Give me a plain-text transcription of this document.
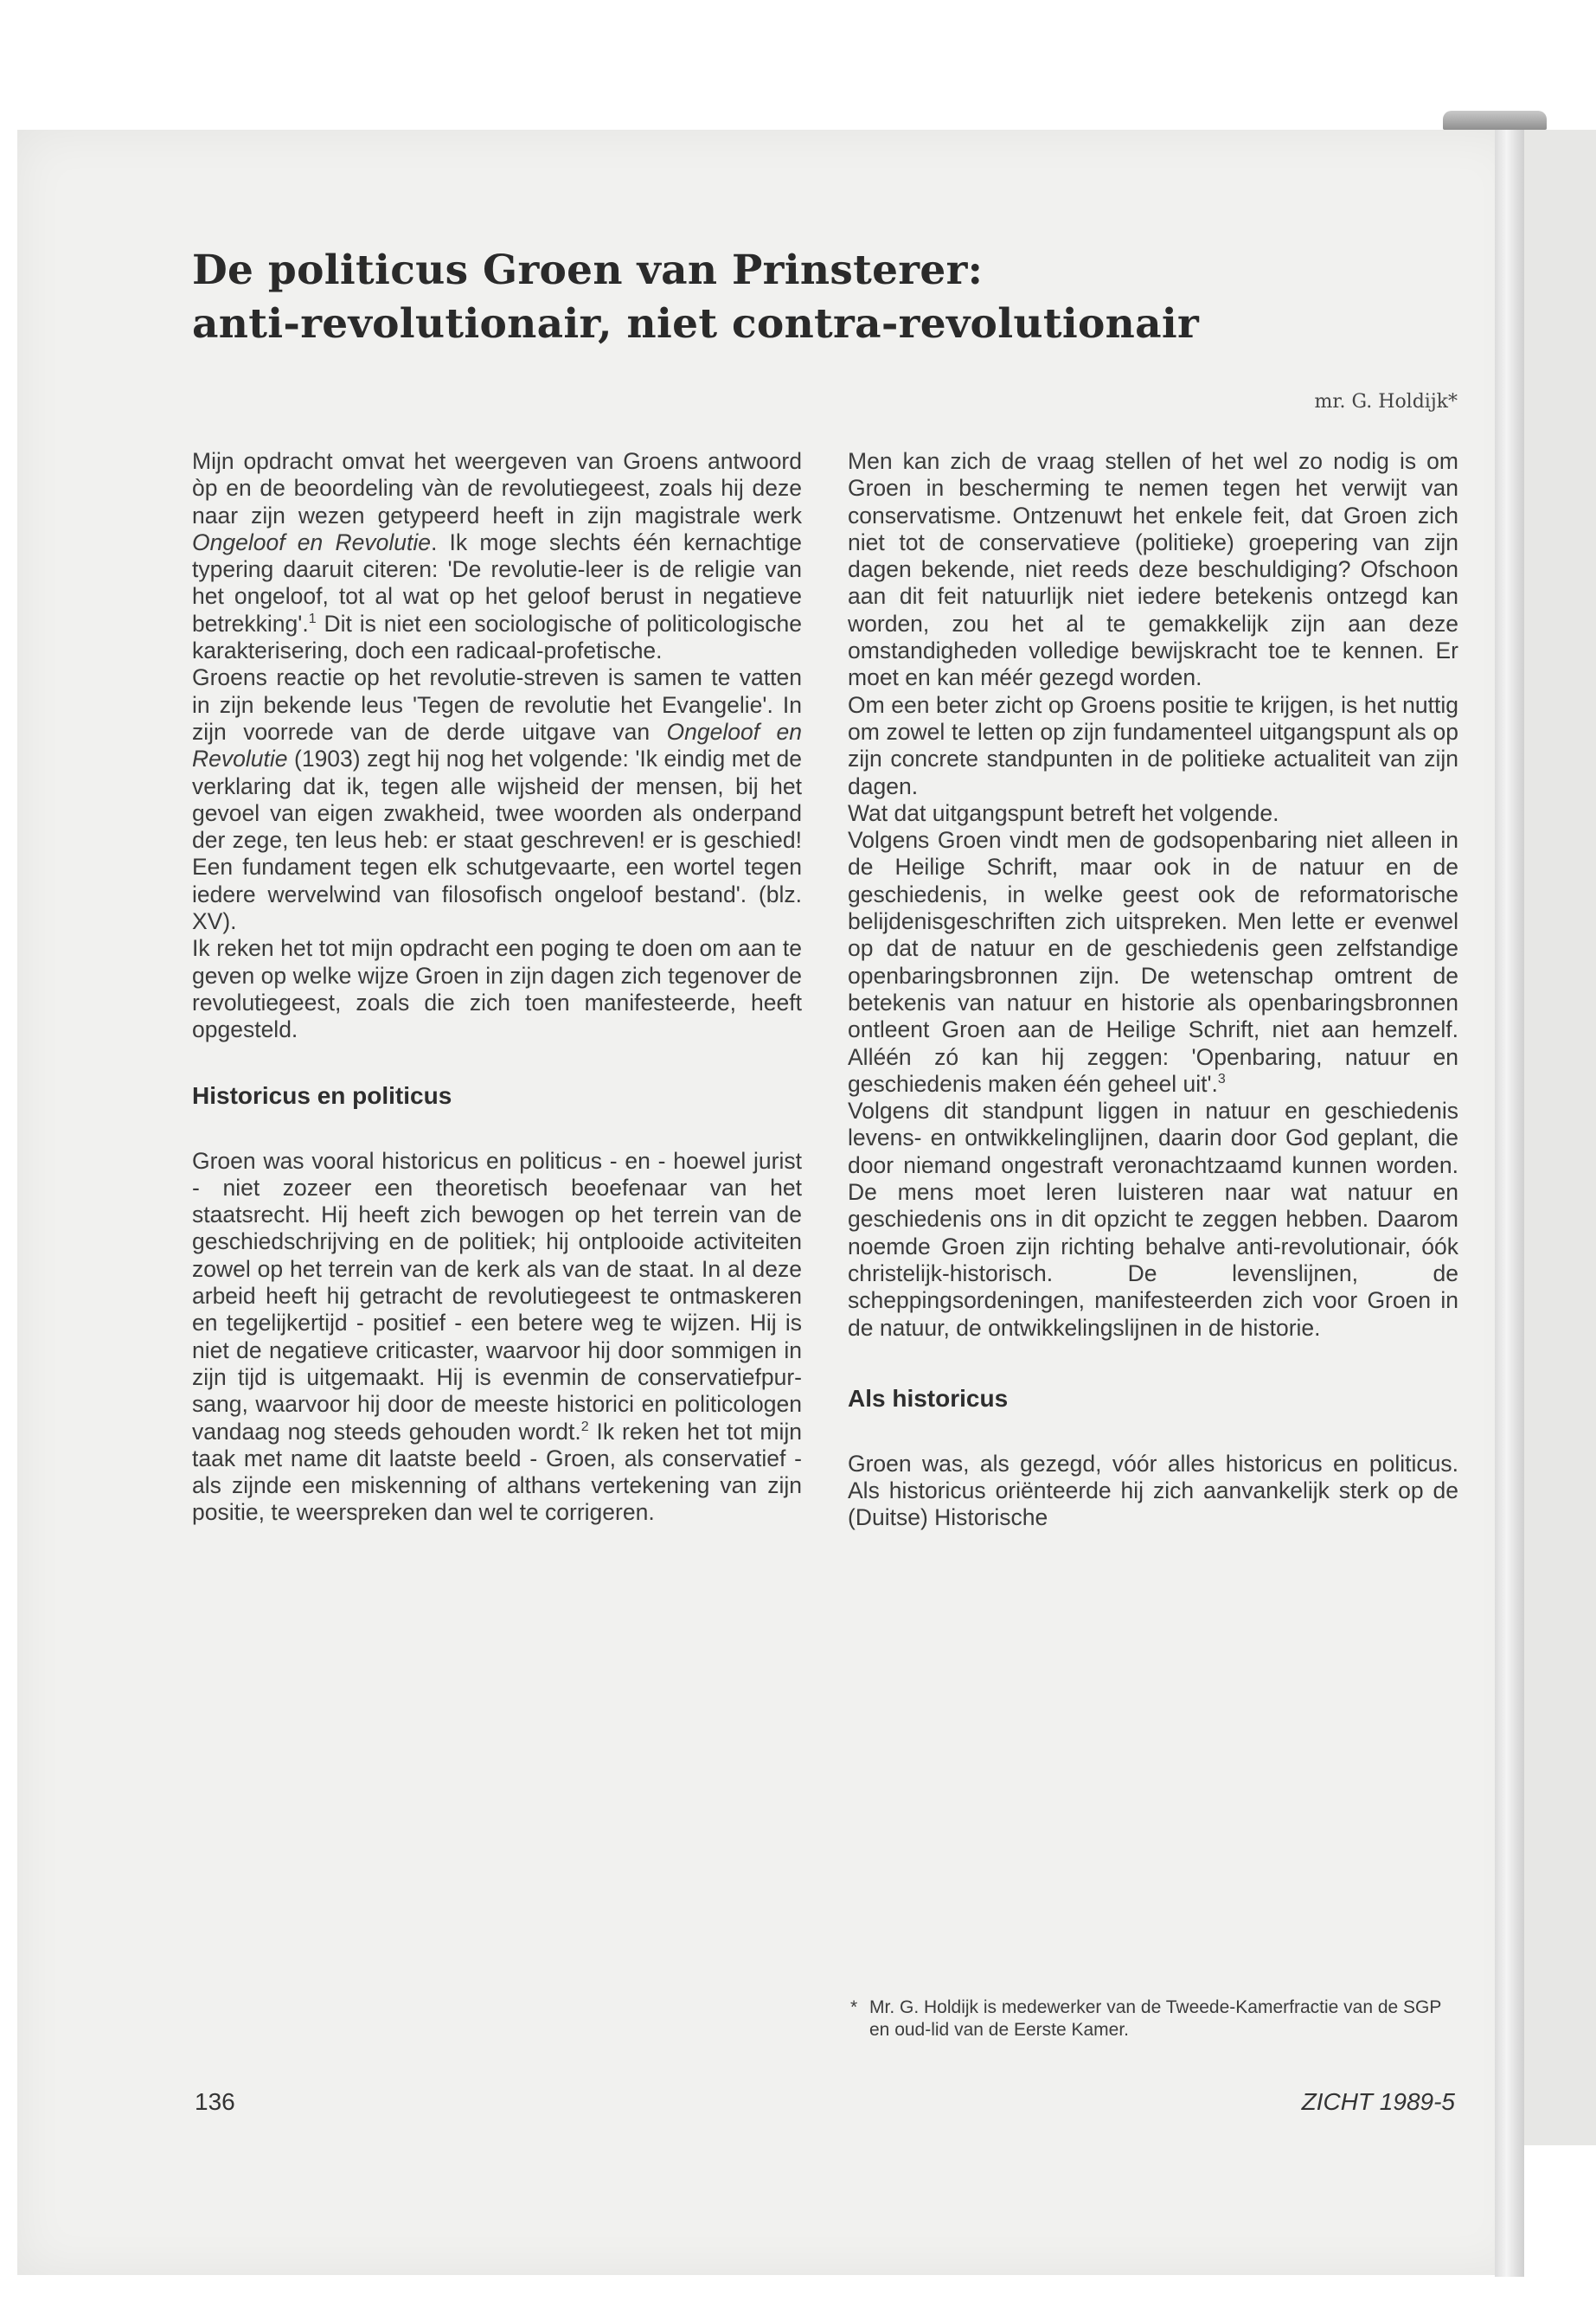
De politicus Groen van Prinsterer:
anti-revolutionair, niet contra-revolutionair
mr. G. Holdijk*

Mijn opdracht omvat het weergeven van Groens antwoord òp en de beoordeling vàn de revolutiegeest, zoals hij deze naar zijn wezen getypeerd heeft in zijn magistrale werk Ongeloof en Revolutie. Ik moge slechts één kernachtige typering daaruit citeren: 'De revolutie-leer is de religie van het ongeloof, tot al wat op het geloof berust in negatieve betrekking'.$^1$ Dit is niet een sociologische of politicologische karakterisering, doch een radicaal-profetische.

Groens reactie op het revolutie-streven is samen te vatten in zijn bekende leus 'Tegen de revolutie het Evangelie'. In zijn voorrede van de derde uitgave van Ongeloof en Revolutie (1903) zegt hij nog het volgende: 'Ik eindig met de verklaring dat ik, tegen alle wijsheid der mensen, bij het gevoel van eigen zwakheid, twee woorden als onderpand der zege, ten leus heb: er staat geschreven! er is geschied! Een fundament tegen elk schutgevaarte, een wortel tegen iedere wervelwind van filosofisch ongeloof bestand'. (blz. XV).

Ik reken het tot mijn opdracht een poging te doen om aan te geven op welke wijze Groen in zijn dagen zich tegenover de revolutiegeest, zoals die zich toen manifesteerde, heeft opgesteld.

Historicus en politicus

Groen was vooral historicus en politicus - en - hoewel jurist - niet zozeer een theoretisch beoefenaar van het staatsrecht. Hij heeft zich bewogen op het terrein van de geschiedschrijving en de politiek; hij ontplooide activiteiten zowel op het terrein van de kerk als van de staat. In al deze arbeid heeft hij getracht de revolutiegeest te ontmaskeren en tegelijkertijd - positief - een betere weg te wijzen. Hij is niet de negatieve criticaster, waarvoor hij door sommigen in zijn tijd is uitgemaakt. Hij is evenmin de conservatiefpur-sang, waarvoor hij door de meeste historici en politicologen vandaag nog steeds gehouden wordt.$^2$ Ik reken het tot mijn taak met name dit laatste beeld - Groen, als conservatief - als zijnde een miskenning of althans vertekening van zijn positie, te weerspreken dan wel te corrigeren.

Men kan zich de vraag stellen of het wel zo nodig is om Groen in bescherming te nemen tegen het verwijt van conservatisme. Ontzenuwt het enkele feit, dat Groen zich niet tot de conservatieve (politieke) groepering van zijn dagen bekende, niet reeds deze beschuldiging? Ofschoon aan dit feit natuurlijk niet iedere betekenis ontzegd kan worden, zou het al te gemakkelijk zijn aan deze omstandigheden volledige bewijskracht toe te kennen. Er moet en kan méér gezegd worden.

Om een beter zicht op Groens positie te krijgen, is het nuttig om zowel te letten op zijn fundamenteel uitgangspunt als op zijn concrete standpunten in de politieke actualiteit van zijn dagen.

Wat dat uitgangspunt betreft het volgende.

Volgens Groen vindt men de godsopenbaring niet alleen in de Heilige Schrift, maar ook in de natuur en de geschiedenis, in welke geest ook de reformatorische belijdenisgeschriften zich uitspreken. Men lette er evenwel op dat de natuur en de geschiedenis geen zelfstandige openbaringsbronnen zijn. De wetenschap omtrent de betekenis van natuur en historie als openbaringsbronnen ontleent Groen aan de Heilige Schrift, niet aan hemzelf. Alléén zó kan hij zeggen: 'Openbaring, natuur en geschiedenis maken één geheel uit'.$^3$

Volgens dit standpunt liggen in natuur en geschiedenis levens- en ontwikkelinglijnen, daarin door God geplant, die door niemand ongestraft veronachtzaamd kunnen worden. De mens moet leren luisteren naar wat natuur en geschiedenis ons in dit opzicht te zeggen hebben. Daarom noemde Groen zijn richting behalve anti-revolutionair, óók christelijk-historisch. De levenslijnen, de scheppingsordeningen, manifesteerden zich voor Groen in de natuur, de ontwikkelingslijnen in de historie.

Als historicus

Groen was, als gezegd, vóór alles historicus en politicus. Als historicus oriënteerde hij zich aanvankelijk sterk op de (Duitse) Historische

* Mr. G. Holdijk is medewerker van de Tweede-Kamerfractie van de SGP en oud-lid van de Eerste Kamer.
136	ZICHT 1989-5
